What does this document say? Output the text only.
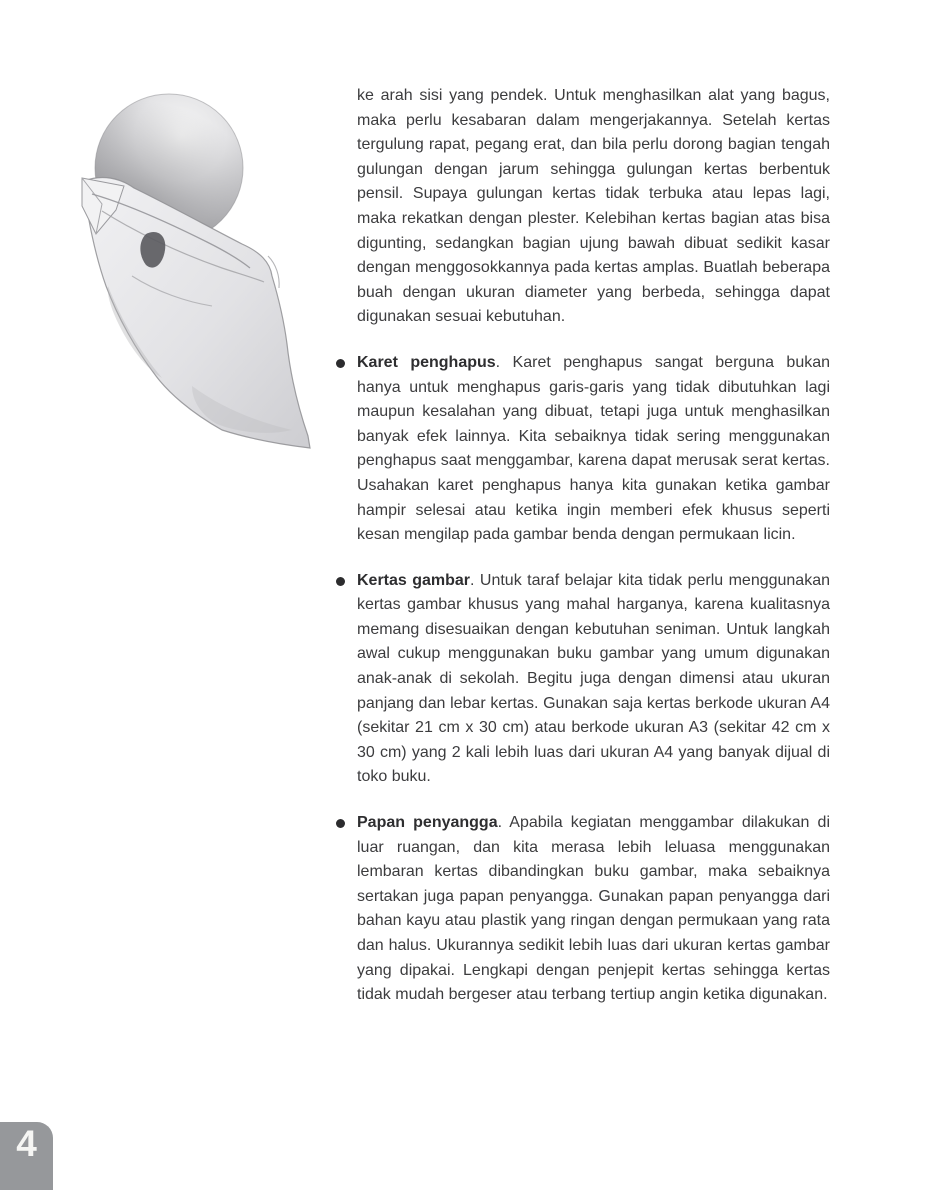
ke arah sisi yang pendek. Untuk menghasilkan alat yang bagus, maka perlu kesabaran dalam mengerjakannya. Setelah kertas tergulung rapat, pegang erat, dan bila perlu dorong bagian tengah gulungan dengan jarum sehingga gulungan kertas berbentuk pensil. Supaya gulungan kertas tidak terbuka atau lepas lagi, maka rekatkan dengan plester. Kelebihan kertas bagian atas bisa digunting, sedangkan bagian ujung bawah dibuat sedikit kasar dengan menggosokkannya pada kertas amplas. Buatlah beberapa buah dengan ukuran diameter yang berbeda, sehingga dapat digunakan sesuai kebutuhan.

Karet penghapus. Karet penghapus sangat berguna bukan hanya untuk menghapus garis-garis yang tidak dibutuhkan lagi maupun kesalahan yang dibuat, tetapi juga untuk menghasilkan banyak efek lainnya. Kita sebaiknya tidak sering menggunakan penghapus saat menggambar, karena dapat merusak serat kertas. Usahakan karet penghapus hanya kita gunakan ketika gambar hampir selesai atau ketika ingin memberi efek khusus seperti kesan mengilap pada gambar benda dengan permukaan licin.

Kertas gambar. Untuk taraf belajar kita tidak perlu menggunakan kertas gambar khusus yang mahal harganya, karena kualitasnya memang disesuaikan dengan kebutuhan seniman. Untuk langkah awal cukup menggunakan buku gambar yang umum digunakan anak-anak di sekolah. Begitu juga dengan dimensi atau ukuran panjang dan lebar kertas. Gunakan saja kertas berkode ukuran A4 (sekitar 21 cm x 30 cm) atau berkode ukuran A3 (sekitar 42 cm x 30 cm) yang 2 kali lebih luas dari ukuran A4 yang banyak dijual di toko buku.

Papan penyangga. Apabila kegiatan menggambar dilakukan di luar ruangan, dan kita merasa lebih leluasa menggunakan lembaran kertas dibandingkan buku gambar, maka sebaiknya sertakan juga papan penyangga. Gunakan papan penyangga dari bahan kayu atau plastik yang ringan dengan permukaan yang rata dan halus. Ukurannya sedikit lebih luas dari ukuran kertas gambar yang dipakai. Lengkapi dengan penjepit kertas sehingga kertas tidak mudah bergeser atau terbang tertiup angin ketika digunakan.

4
